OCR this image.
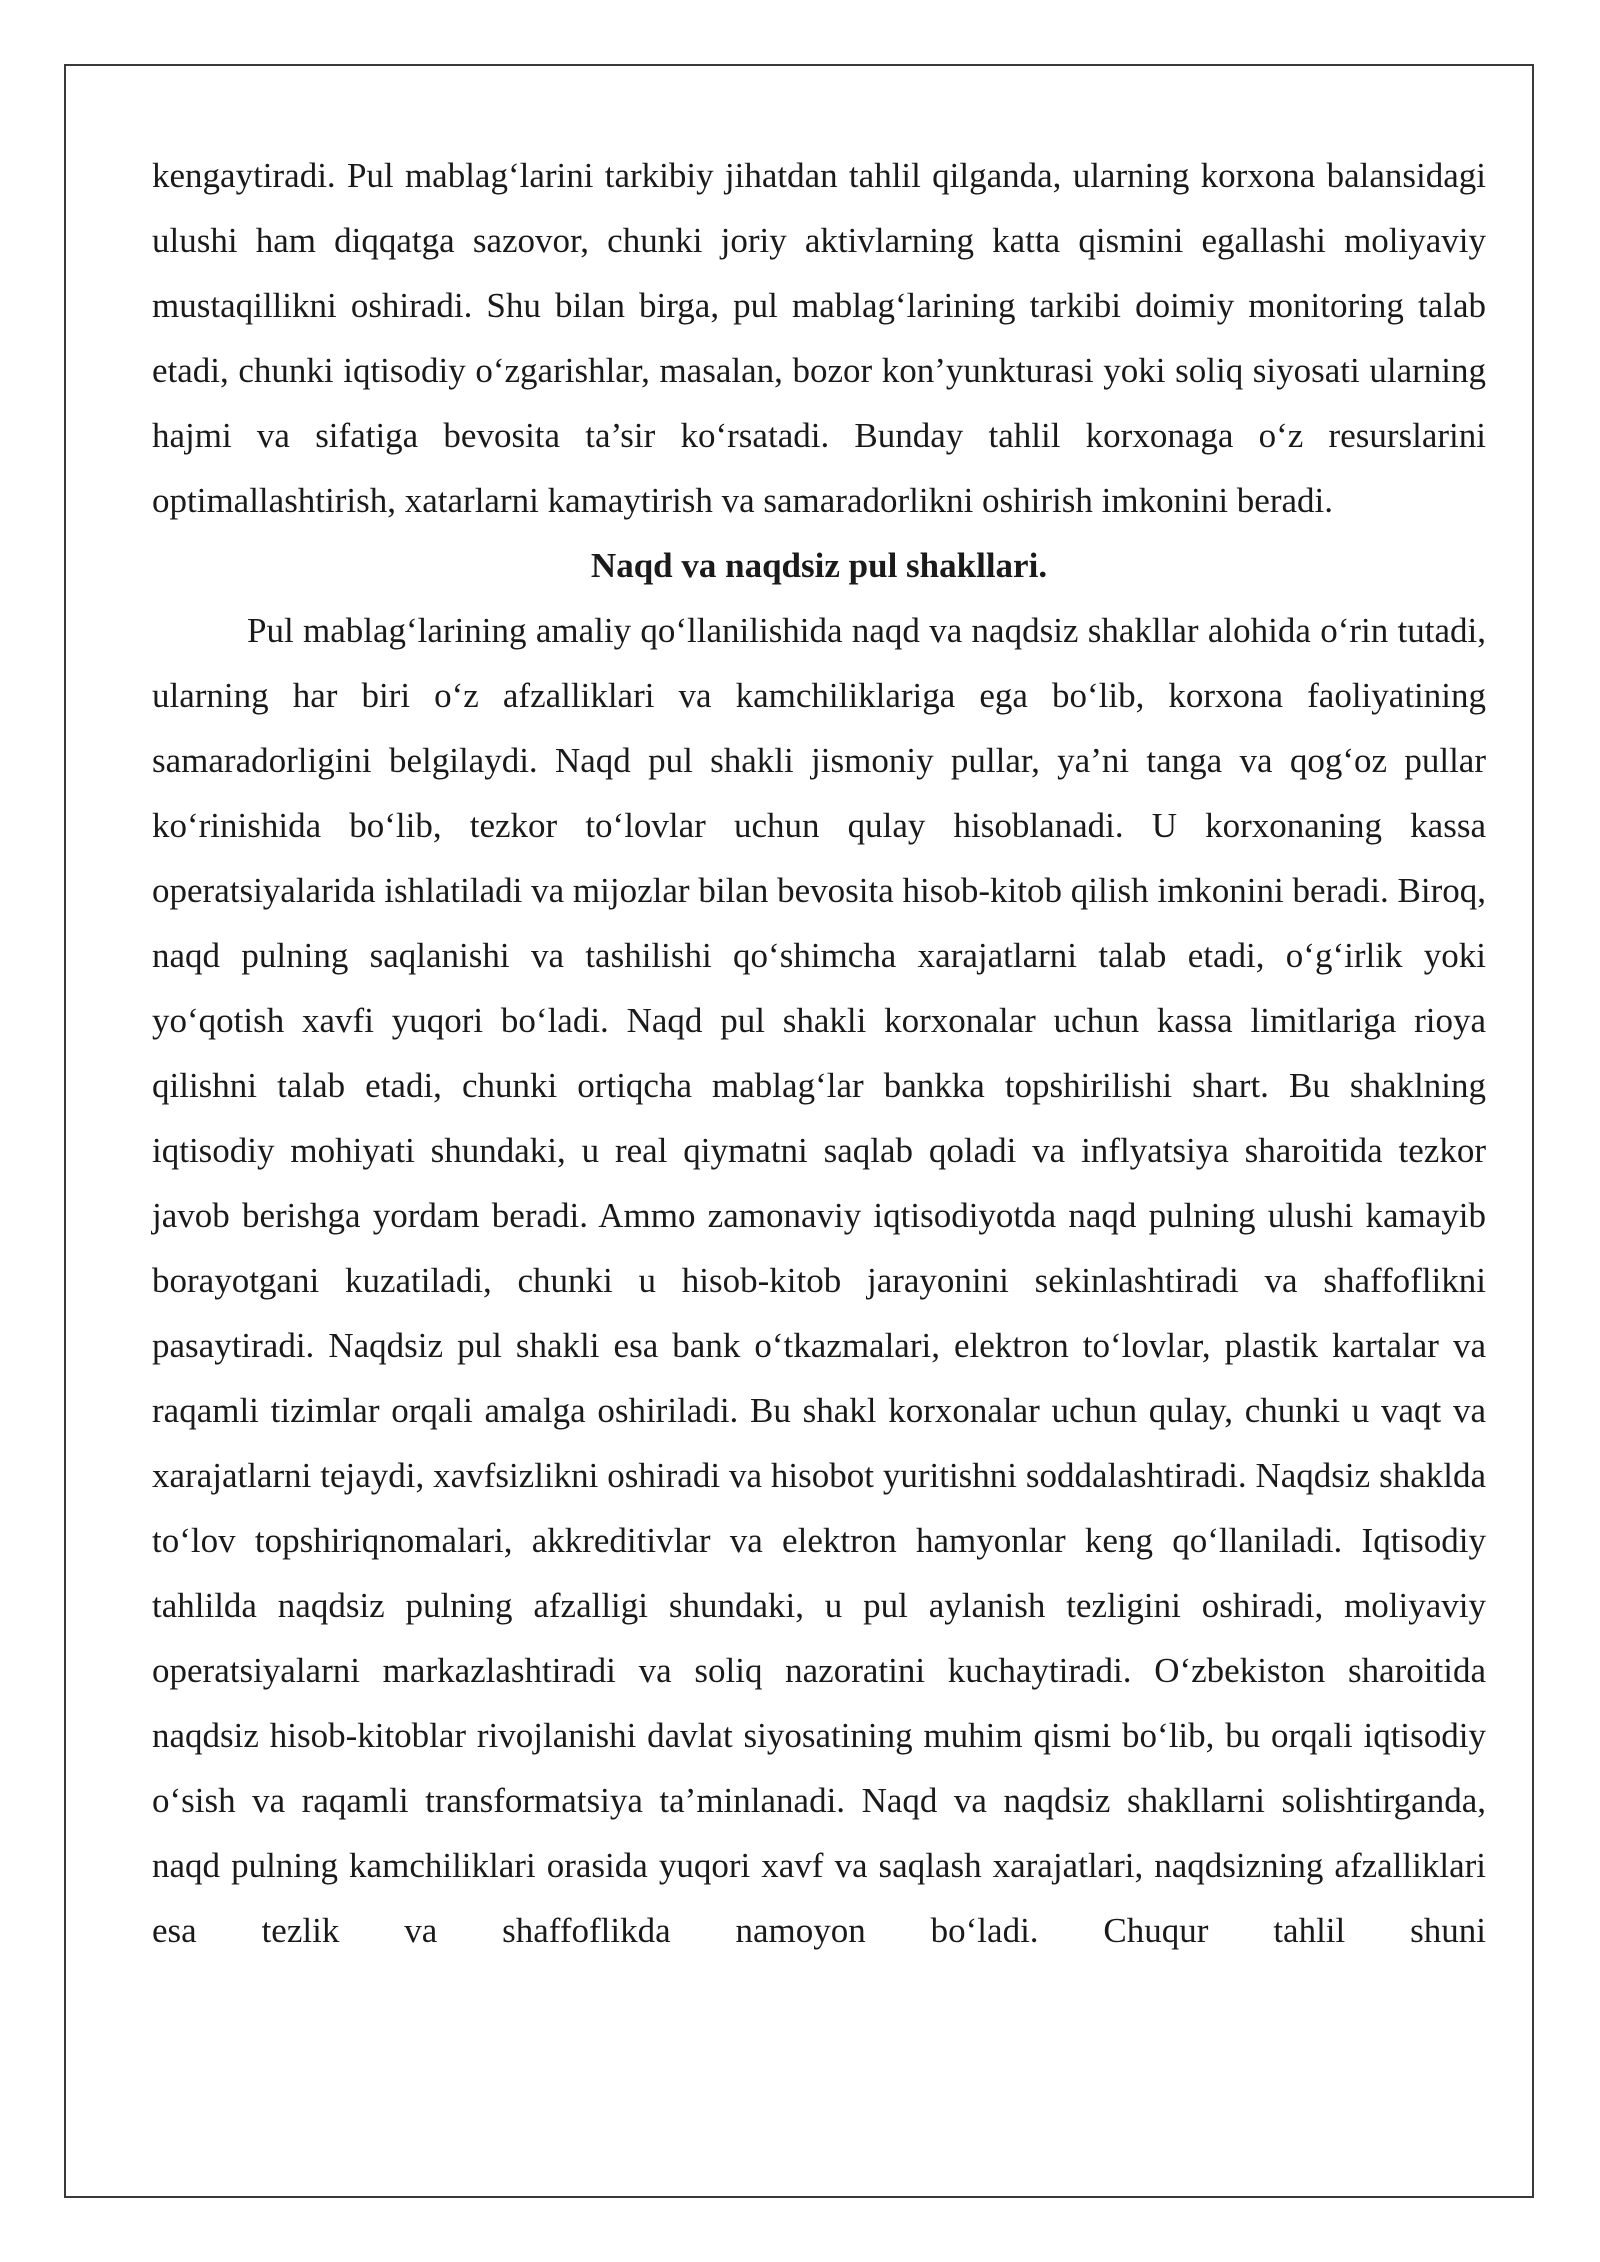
kengaytiradi. Pul mablag‘larini tarkibiy jihatdan tahlil qilganda, ularning korxona balansidagi ulushi ham diqqatga sazovor, chunki joriy aktivlarning katta qismini egallashi moliyaviy mustaqillikni oshiradi. Shu bilan birga, pul mablag‘larining tarkibi doimiy monitoring talab etadi, chunki iqtisodiy o‘zgarishlar, masalan, bozor kon’yunkturasi yoki soliq siyosati ularning hajmi va sifatiga bevosita ta’sir ko‘rsatadi. Bunday tahlil korxonaga o‘z resurslarini optimallashtirish, xatarlarni kamaytirish va samaradorlikni oshirish imkonini beradi.

Naqd va naqdsiz pul shakllari.

Pul mablag‘larining amaliy qo‘llanilishida naqd va naqdsiz shakllar alohida o‘rin tutadi, ularning har biri o‘z afzalliklari va kamchiliklariga ega bo‘lib, korxona faoliyatining samaradorligini belgilaydi. Naqd pul shakli jismoniy pullar, ya’ni tanga va qog‘oz pullar ko‘rinishida bo‘lib, tezkor to‘lovlar uchun qulay hisoblanadi. U korxonaning kassa operatsiyalarida ishlatiladi va mijozlar bilan bevosita hisob-kitob qilish imkonini beradi. Biroq, naqd pulning saqlanishi va tashilishi qo‘shimcha xarajatlarni talab etadi, o‘g‘irlik yoki yo‘qotish xavfi yuqori bo‘ladi. Naqd pul shakli korxonalar uchun kassa limitlariga rioya qilishni talab etadi, chunki ortiqcha mablag‘lar bankka topshirilishi shart. Bu shaklning iqtisodiy mohiyati shundaki, u real qiymatni saqlab qoladi va inflyatsiya sharoitida tezkor javob berishga yordam beradi. Ammo zamonaviy iqtisodiyotda naqd pulning ulushi kamayib borayotgani kuzatiladi, chunki u hisob-kitob jarayonini sekinlashtiradi va shaffoflikni pasaytiradi. Naqdsiz pul shakli esa bank o‘tkazmalari, elektron to‘lovlar, plastik kartalar va raqamli tizimlar orqali amalga oshiriladi. Bu shakl korxonalar uchun qulay, chunki u vaqt va xarajatlarni tejaydi, xavfsizlikni oshiradi va hisobot yuritishni soddalashtiradi. Naqdsiz shaklda to‘lov topshiriqnomalari, akkreditivlar va elektron hamyonlar keng qo‘llaniladi. Iqtisodiy tahlilda naqdsiz pulning afzalligi shundaki, u pul aylanish tezligini oshiradi, moliyaviy operatsiyalarni markazlashtiradi va soliq nazoratini kuchaytiradi. O‘zbekiston sharoitida naqdsiz hisob-kitoblar rivojlanishi davlat siyosatining muhim qismi bo‘lib, bu orqali iqtisodiy o‘sish va raqamli transformatsiya ta’minlanadi. Naqd va naqdsiz shakllarni solishtirganda, naqd pulning kamchiliklari orasida yuqori xavf va saqlash xarajatlari, naqdsizning afzalliklari esa tezlik va shaffoflikda namoyon bo‘ladi. Chuqur tahlil shuni
